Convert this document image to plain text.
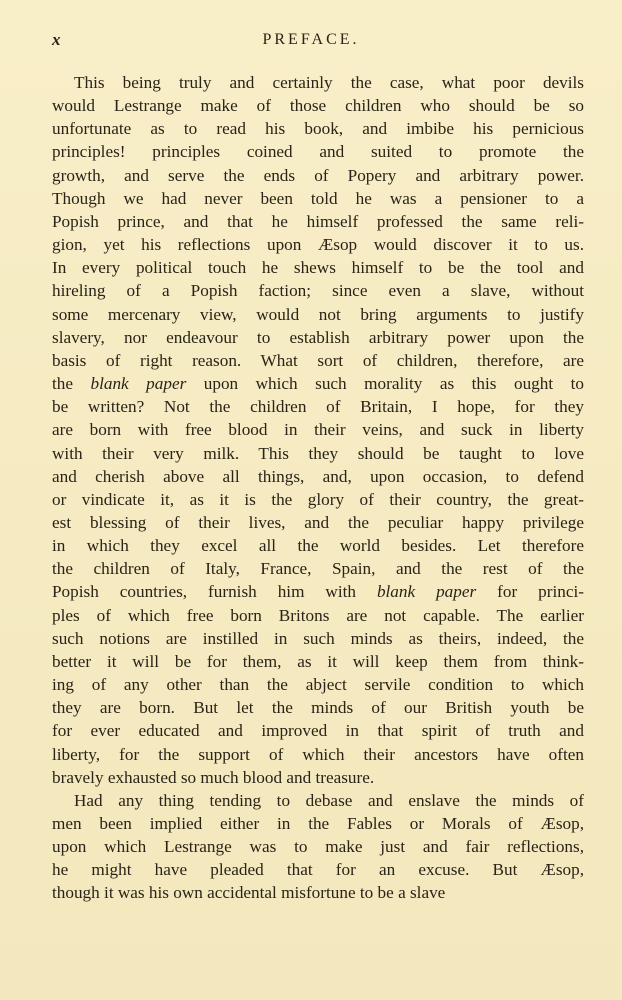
x	PREFACE.
This being truly and certainly the case, what poor devils
would Lestrange make of those children who should be so
unfortunate as to read his book, and imbibe his pernicious
principles! principles coined and suited to promote the
growth, and serve the ends of Popery and arbitrary power.
Though we had never been told he was a pensioner to a
Popish prince, and that he himself professed the same reli-
gion, yet his reflections upon Æsop would discover it to us.
In every political touch he shews himself to be the tool and
hireling of a Popish faction; since even a slave, without
some mercenary view, would not bring arguments to justify
slavery, nor endeavour to establish arbitrary power upon the
basis of right reason. What sort of children, therefore, are
the blank paper upon which such morality as this ought to
be written? Not the children of Britain, I hope, for they
are born with free blood in their veins, and suck in liberty
with their very milk. This they should be taught to love
and cherish above all things, and, upon occasion, to defend
or vindicate it, as it is the glory of their country, the great-
est blessing of their lives, and the peculiar happy privilege
in which they excel all the world besides. Let therefore
the children of Italy, France, Spain, and the rest of the
Popish countries, furnish him with blank paper for princi-
ples of which free born Britons are not capable. The earlier
such notions are instilled in such minds as theirs, indeed, the
better it will be for them, as it will keep them from think-
ing of any other than the abject servile condition to which
they are born. But let the minds of our British youth be
for ever educated and improved in that spirit of truth and
liberty, for the support of which their ancestors have often
bravely exhausted so much blood and treasure.
Had any thing tending to debase and enslave the minds of
men been implied either in the Fables or Morals of Æsop,
upon which Lestrange was to make just and fair reflections,
he might have pleaded that for an excuse. But Æsop,
though it was his own accidental misfortune to be a slave
